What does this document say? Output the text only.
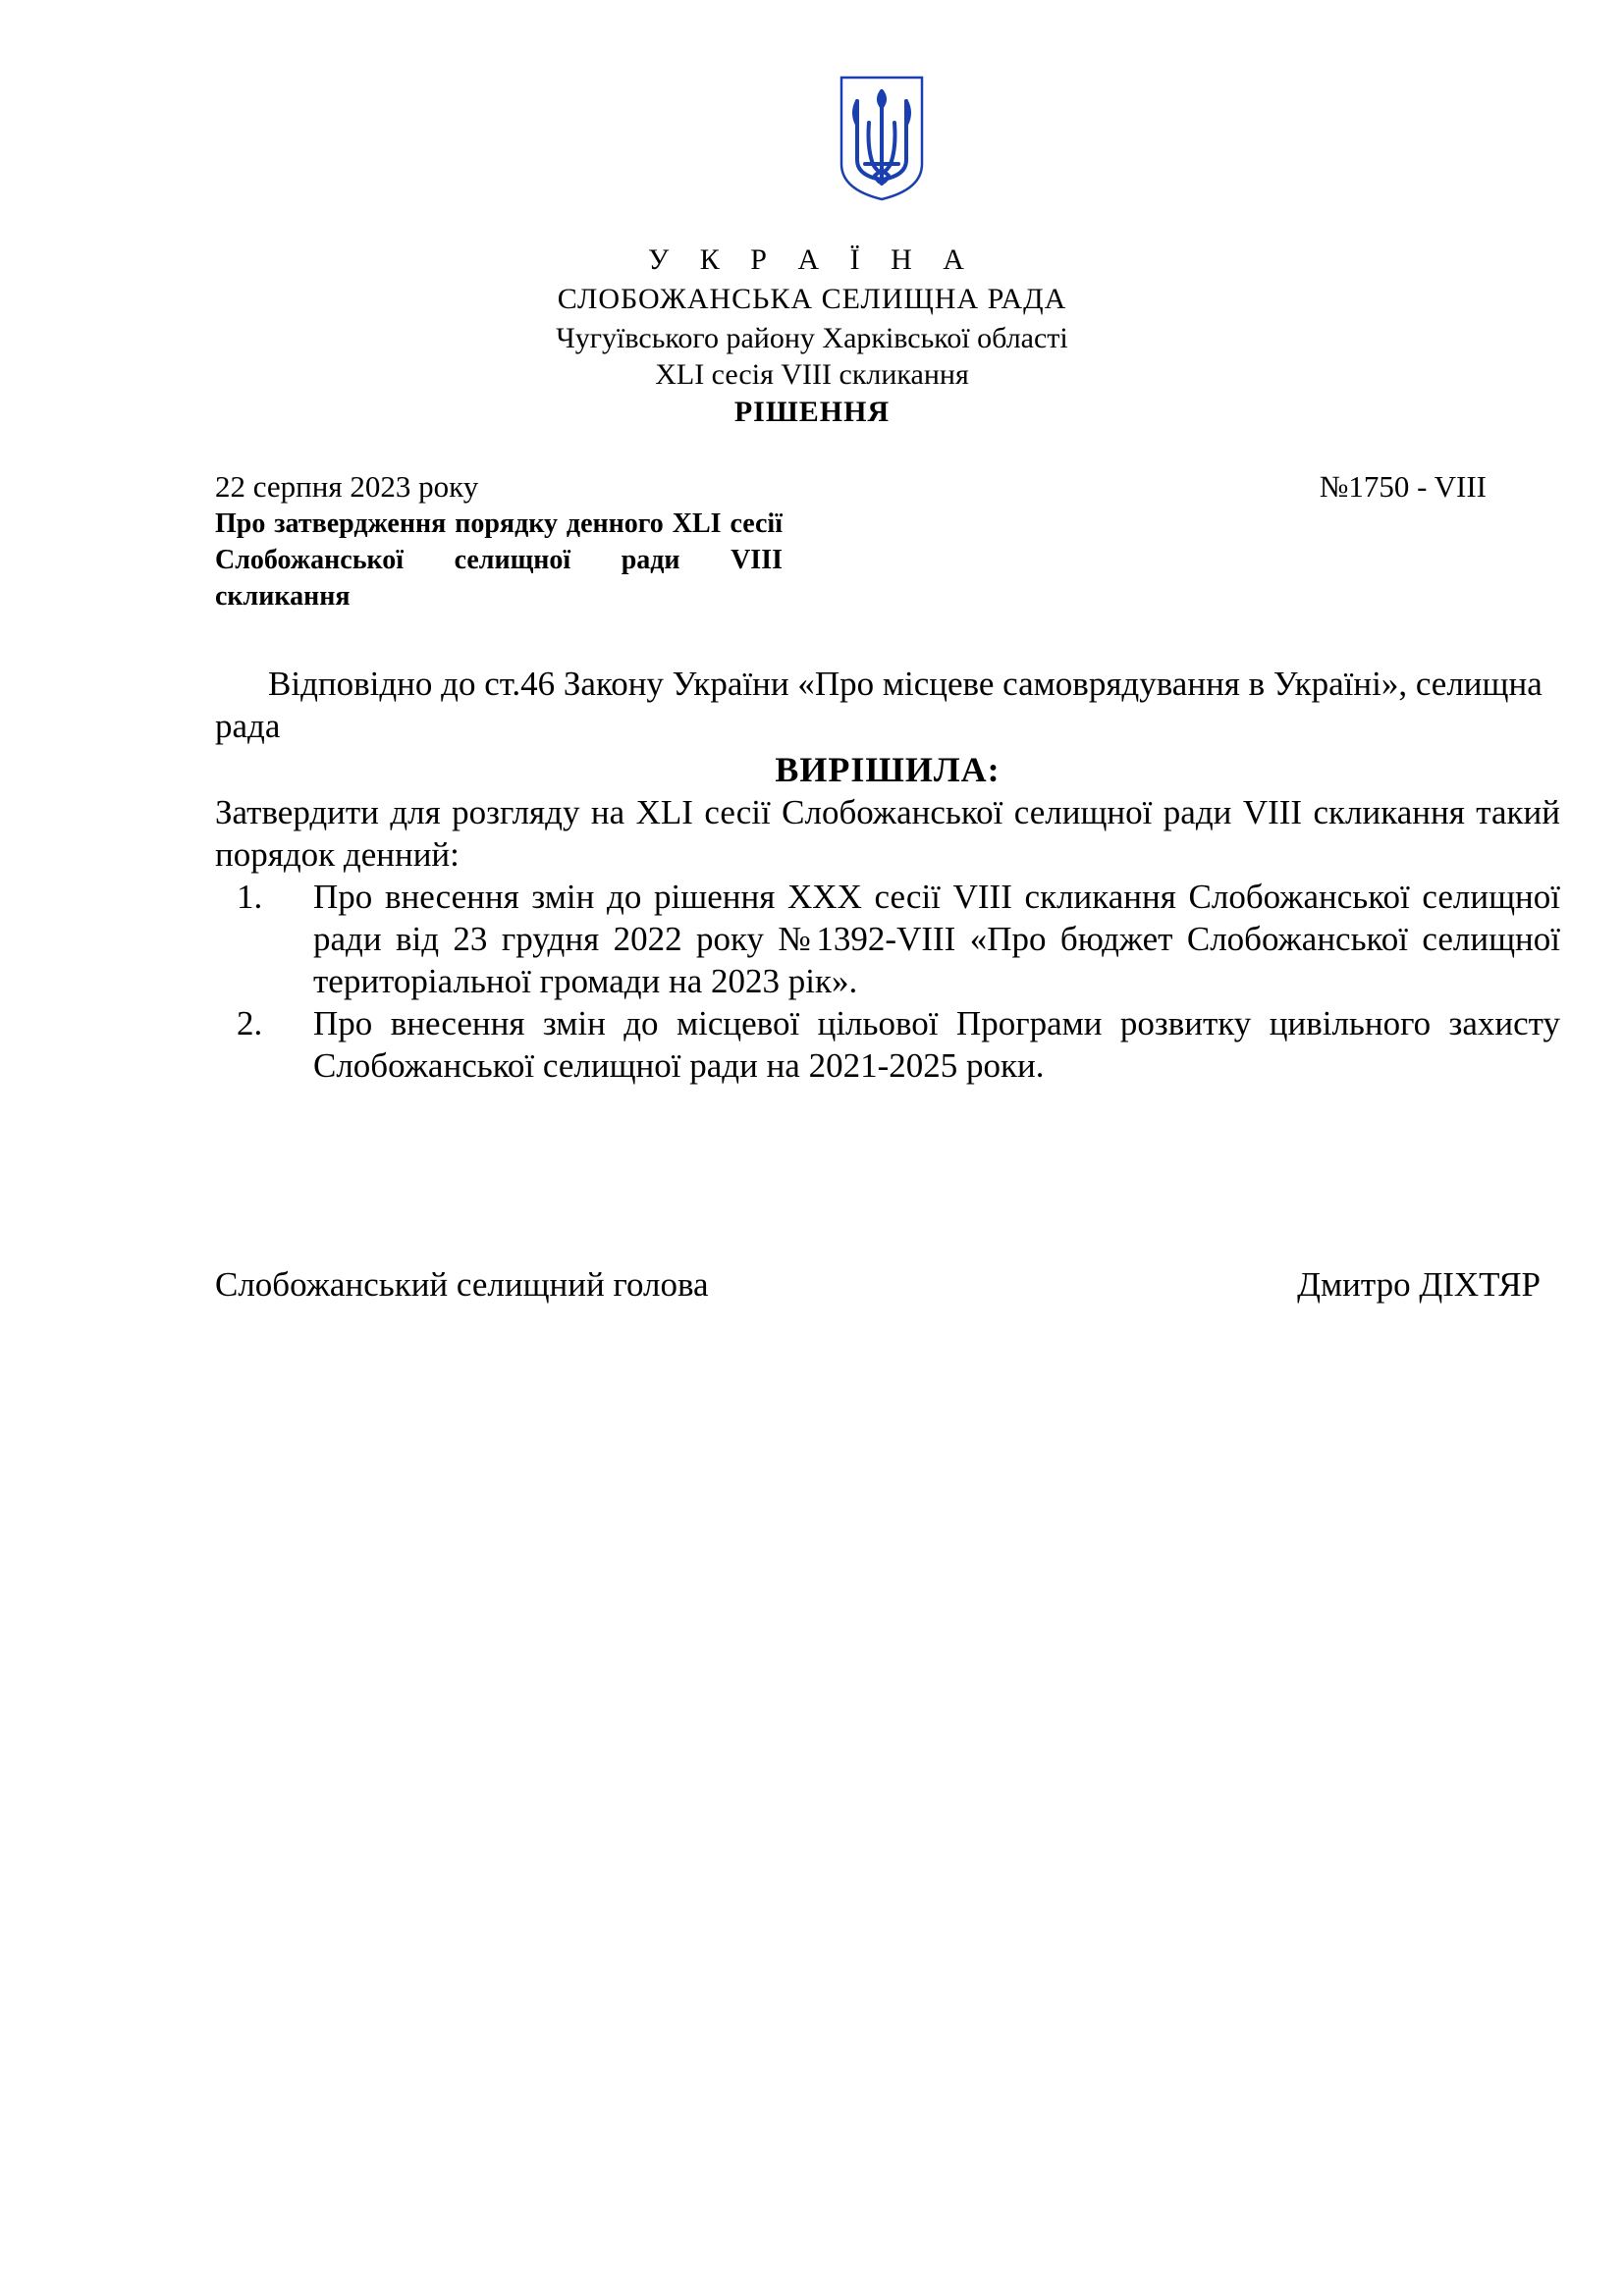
У К Р А Ї Н А
СЛОБОЖАНСЬКА СЕЛИЩНА РАДА
Чугуївського району Харківської області
XLI сесія VIII скликання
РІШЕННЯ
22 серпня 2023 року	№1750 - VIII
Про затвердження порядку денного XLI сесії Слобожанської селищної ради VIII скликання

Відповідно до ст.46 Закону України «Про місцеве самоврядування в Україні», селищна рада

ВИРІШИЛА:

Затвердити для розгляду на XLI сесії Слобожанської селищної ради VIII скликання такий порядок денний:

1. Про внесення змін до рішення XXX сесії VIII скликання Слобожанської селищної ради від 23 грудня 2022 року №1392-VIII «Про бюджет Слобожанської селищної територіальної громади на 2023 рік».
2. Про внесення змін до місцевої цільової Програми розвитку цивільного захисту Слобожанської селищної ради на 2021-2025 роки.
Слобожанський селищний голова	Дмитро ДІХТЯР
